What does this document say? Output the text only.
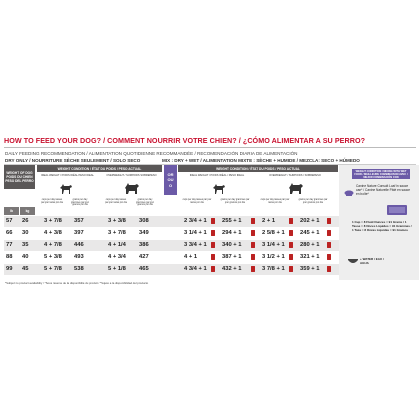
HOW TO FEED YOUR DOG? / COMMENT NOURRIR VOTRE CHIEN? / ¿CÓMO ALIMENTAR A SU PERRO?
DAILY FEEDING RECOMMENDATION / ALIMENTATION QUOTIDIENNE RECOMMANDÉE / RECOMENDACIÓN DIARIA DE ALIMENTACIÓN
DRY ONLY / NOURRITURE SÈCHE SEULEMENT / SOLO SECO	MIX : DRY + WET / ALIMENTATION MIXTE : SÈCHE + HUMIDE / MEZCLA: SECO + HÚMEDO
WEIGHT OF DOG POIDS DU CHIEN PESO DEL PERRO
lb	kg
WEIGHT CONDITION / ÉTAT DU POIDS / PESO ACTUAL
IDEAL WEIGHT / POIDS IDÉAL PESO IDEAL	OVERWEIGHT / SURPOIDS SOBREPESO
cups per day tasses par jour tazas por día
grams per day grammes par jour gramos por día
cups per day tasses par jour tazas por día
grams per day grammes par jour gramos por día
OR
OU
O
WEIGHT CONDITION / ÉTAT DU POIDS / PESO ACTUAL
IDEAL WEIGHT / POIDS IDÉAL / PESO IDEAL	OVERWEIGHT / SURPOIDS / SOBREPESO
cups per day tasses par jour tazas por día
grams per day grammes par jour gramos por día
cups per day tasses par jour tazas por día
grams per day grammes par jour gramos por día
57 26	3 + 7/8 357	3 + 3/8 308	2 3/4 + 1	255 + 1	2 + 1	202 + 1
66 30	4 + 3/8 397	3 + 7/8 349	3 1/4 + 1	294 + 1	2 5/8 + 1	245 + 1
77 35	4 + 7/8 446	4 + 1/4 386	3 3/4 + 1	340 + 1	3 1/4 + 1	280 + 1
88 40	5 + 3/8 493	4 + 3/4 427	4 + 1	387 + 1	3 1/2 + 1	321 + 1
99 45	5 + 7/8 538	5 + 1/8 465	4 3/4 + 1	432 + 1	3 7/8 + 1	359 + 1
WEIGHT CONDITION / MIXING WITH WET FOOD / MEILLEURE COMBINAISON AVEC / MEJOR COMBINACIÓN CON
Canine Nature Consult Loaf in sauce can* / Canine Naturelle Pâté en sauce en boîte*
1 Cup = 8 Fluid Ounces = 91 Grams / 1 Tasse = 8 Onces Liquides = 91 Grammes / 1 Taza = 8 Onzas Líquidas = 91 Gramos
+ WATER / EAU / AGUA
*Subject to product availability / *Sous réserve de la disponibilité du produit / *Sujeto a la disponibilidad del producto
